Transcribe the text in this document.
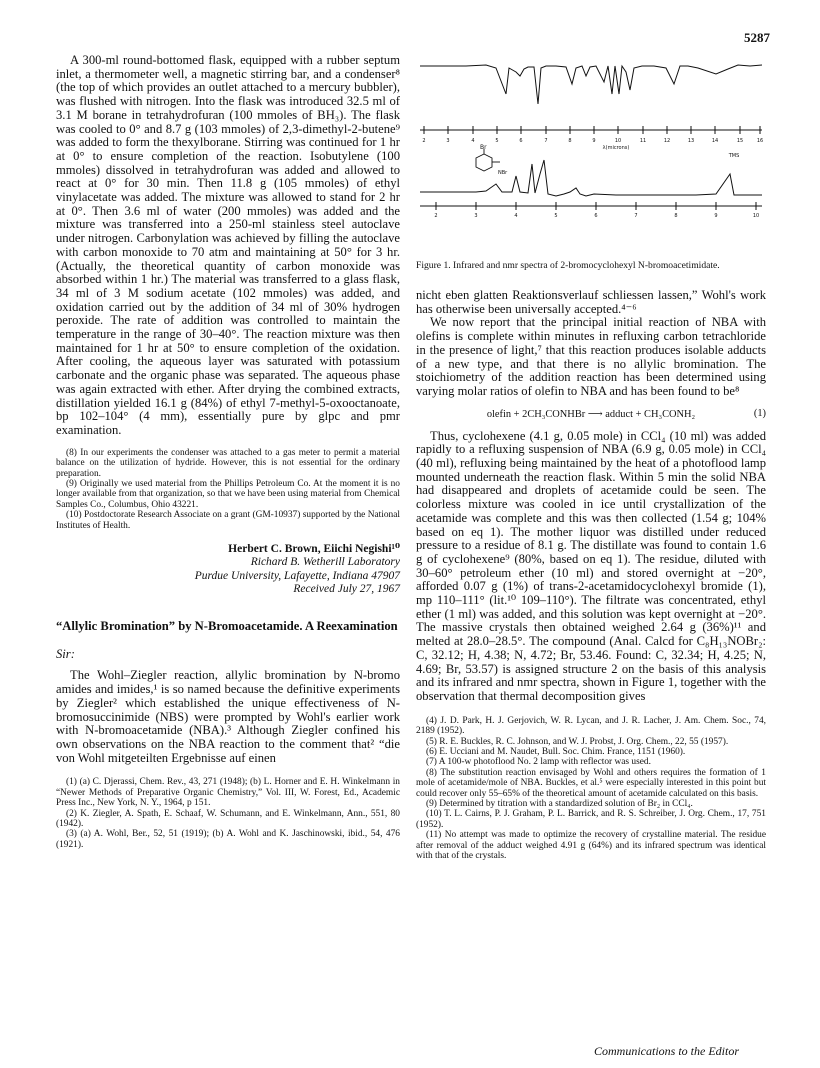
5287

A 300-ml round-bottomed flask, equipped with a rubber septum inlet, a thermometer well, a magnetic stirring bar, and a condenser⁸ (the top of which provides an outlet attached to a mercury bubbler), was flushed with nitrogen. Into the flask was introduced 32.5 ml of 3.1 M borane in tetrahydrofuran (100 mmoles of BH₃). The flask was cooled to 0° and 8.7 g (103 mmoles) of 2,3-dimethyl-2-butene⁹ was added to form the thexylborane. Stirring was continued for 1 hr at 0° to ensure completion of the reaction. Isobutylene (100 mmoles) dissolved in tetrahydrofuran was added and allowed to react at 0° for 30 min. Then 11.8 g (105 mmoles) of ethyl vinylacetate was added. The mixture was allowed to stand for 2 hr at 0°. Then 3.6 ml of water (200 mmoles) was added and the mixture was transferred into a 250-ml stainless steel autoclave under nitrogen. Carbonylation was achieved by filling the autoclave with carbon monoxide to 70 atm and maintaining at 50° for 3 hr. (Actually, the theoretical quantity of carbon monoxide was absorbed within 1 hr.) The material was transferred to a glass flask, 34 ml of 3 M sodium acetate (102 mmoles) was added, and oxidation carried out by the addition of 34 ml of 30% hydrogen peroxide. The rate of addition was controlled to maintain the temperature in the range of 30–40°. The reaction mixture was then maintained for 1 hr at 50° to ensure completion of the oxidation. After cooling, the aqueous layer was saturated with potassium carbonate and the organic phase was separated. The aqueous phase was again extracted with ether. After drying the combined extracts, distillation yielded 16.1 g (84%) of ethyl 7-methyl-5-oxooctanoate, bp 102–104° (4 mm), essentially pure by glpc and pmr examination.

(8) In our experiments the condenser was attached to a gas meter to permit a material balance on the utilization of hydride. However, this is not essential for the ordinary preparation.

(9) Originally we used material from the Phillips Petroleum Co. At the moment it is no longer available from that organization, so that we have been using material from Chemical Samples Co., Columbus, Ohio 43221.

(10) Postdoctorate Research Associate on a grant (GM-10937) supported by the National Institutes of Health.

Herbert C. Brown, Eiichi Negishi¹⁰
Richard B. Wetherill Laboratory
Purdue University, Lafayette, Indiana 47907
Received July 27, 1967
“Allylic Bromination” by N-Bromoacetamide. A Reexamination
Sir:

The Wohl–Ziegler reaction, allylic bromination by N-bromo amides and imides,¹ is so named because the definitive experiments by Ziegler² which established the unique effectiveness of N-bromosuccinimide (NBS) were prompted by Wohl's earlier work with N-bromoacetamide (NBA).³ Although Ziegler confined his own observations on the NBA reaction to the comment that² “die von Wohl mitgeteilten Ergebnisse auf einen

(1) (a) C. Djerassi, Chem. Rev., 43, 271 (1948); (b) L. Horner and E. H. Winkelmann in “Newer Methods of Preparative Organic Chemistry,” Vol. III, W. Forest, Ed., Academic Press Inc., New York, N. Y., 1964, p 151.

(2) K. Ziegler, A. Spath, E. Schaaf, W. Schumann, and E. Winkelmann, Ann., 551, 80 (1942).

(3) (a) A. Wohl, Ber., 52, 51 (1919); (b) A. Wohl and K. Jaschinowski, ibid., 54, 476 (1921).

2	3	4	5	6	7	8	9	10	11	12	13	14	15	16
λ(microns)
TMS
Br
NBr
2	3	4	5	6	7	8	9	10

Figure 1. Infrared and nmr spectra of 2-bromocyclohexyl N-bromoacetimidate.

nicht eben glatten Reaktionsverlauf schliessen lassen,” Wohl's work has otherwise been universally accepted.⁴⁻⁶

We now report that the principal initial reaction of NBA with olefins is complete within minutes in refluxing carbon tetrachloride in the presence of light,⁷ that this reaction produces isolable adducts of a new type, and that there is no allylic bromination. The stoichiometry of the addition reaction has been determined using varying molar ratios of olefin to NBA and has been found to be⁸

olefin + 2CH₃CONHBr ⟶ adduct + CH₃CONH₂	(1)

Thus, cyclohexene (4.1 g, 0.05 mole) in CCl₄ (10 ml) was added rapidly to a refluxing suspension of NBA (6.9 g, 0.05 mole) in CCl₄ (40 ml), refluxing being maintained by the heat of a photoflood lamp mounted underneath the reaction flask. Within 5 min the solid NBA had disappeared and droplets of acetamide could be seen. The colorless mixture was cooled in ice until crystallization of the acetamide was complete and this was then collected (1.54 g; 104% based on eq 1). The mother liquor was distilled under reduced pressure to a residue of 8.1 g. The distillate was found to contain 1.6 g of cyclohexene⁹ (80%, based on eq 1). The residue, diluted with 30–60° petroleum ether (10 ml) and stored overnight at −20°, afforded 0.07 g (1%) of trans-2-acetamidocyclohexyl bromide (1), mp 110–111° (lit.¹⁰ 109–110°). The filtrate was concentrated, ethyl ether (1 ml) was added, and this solution was kept overnight at −20°. The massive crystals then obtained weighed 2.64 g (36%)¹¹ and melted at 28.0–28.5°. The compound (Anal. Calcd for C₈H₁₃NOBr₂: C, 32.12; H, 4.38; N, 4.72; Br, 53.46. Found: C, 32.34; H, 4.25; N, 4.69; Br, 53.57) is assigned structure 2 on the basis of this analysis and its infrared and nmr spectra, shown in Figure 1, together with the observation that thermal decomposition gives

(4) J. D. Park, H. J. Gerjovich, W. R. Lycan, and J. R. Lacher, J. Am. Chem. Soc., 74, 2189 (1952).

(5) R. E. Buckles, R. C. Johnson, and W. J. Probst, J. Org. Chem., 22, 55 (1957).

(6) E. Ucciani and M. Naudet, Bull. Soc. Chim. France, 1151 (1960).

(7) A 100-w photoflood No. 2 lamp with reflector was used.

(8) The substitution reaction envisaged by Wohl and others requires the formation of 1 mole of acetamide/mole of NBA. Buckles, et al.⁵ were especially interested in this point but could recover only 55–65% of the theoretical amount of acetamide calculated on this basis.

(9) Determined by titration with a standardized solution of Br₂ in CCl₄.

(10) T. L. Cairns, P. J. Graham, P. L. Barrick, and R. S. Schreiber, J. Org. Chem., 17, 751 (1952).

(11) No attempt was made to optimize the recovery of crystalline material. The residue after removal of the adduct weighed 4.91 g (64%) and its infrared spectrum was identical with that of the crystals.

Communications to the Editor
